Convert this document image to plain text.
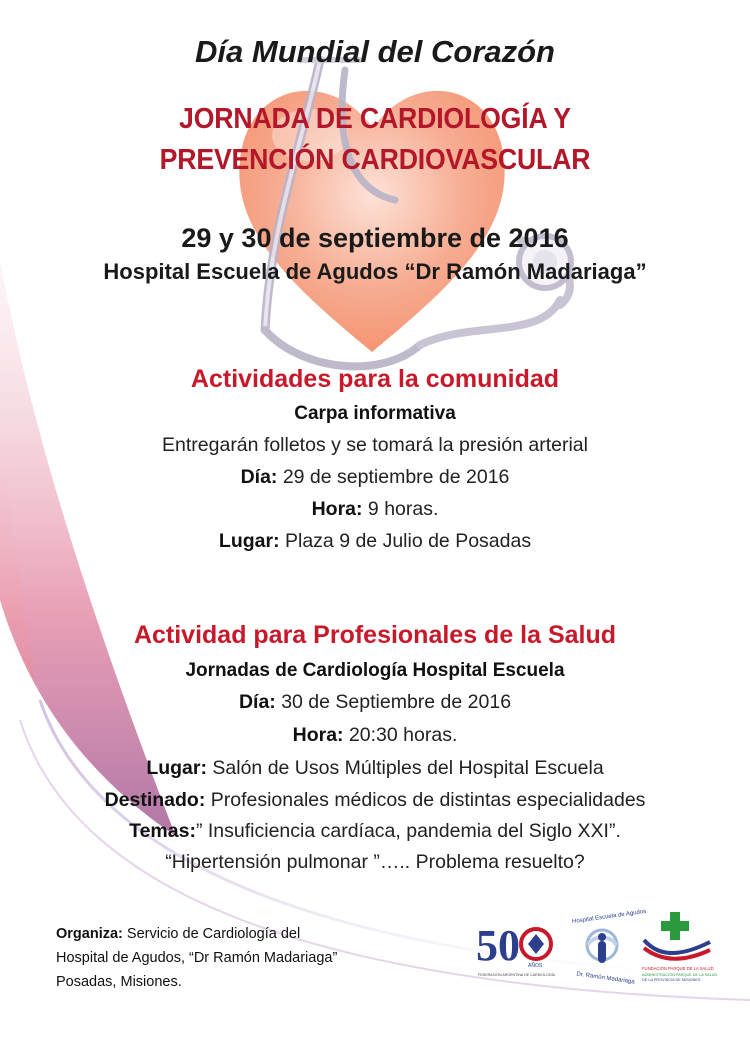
Día Mundial del Corazón
JORNADA DE CARDIOLOGÍA Y
PREVENCIÓN CARDIOVASCULAR
29 y 30 de septiembre de 2016
Hospital Escuela de Agudos “Dr Ramón Madariaga”
Actividades para la comunidad
Carpa informativa
Entregarán folletos y se tomará la presión arterial
Día: 29 de septiembre de 2016
Hora: 9 horas.
Lugar: Plaza 9 de Julio de Posadas
Actividad para Profesionales de la Salud
Jornadas de Cardiología Hospital Escuela
Día: 30 de Septiembre de 2016
Hora: 20:30 horas.
Lugar: Salón de Usos Múltiples del Hospital Escuela
Destinado: Profesionales médicos de distintas especialidades
Temas:” Insuficiencia cardíaca, pandemia del Siglo XXI”.
“Hipertensión pulmonar ”….. Problema resuelto?
Organiza: Servicio de Cardiología del
Hospital de Agudos, “Dr Ramón Madariaga”
Posadas, Misiones.
50 AÑOS
FEDERACIÓN ARGENTINA DE CARDIOLOGÍA
Hospital Escuela de Agudos
Dr. Ramón Madariaga
FUNDACIÓN PARQUE DE LA SALUD
ADMINISTRACIÓN PARQUE DE LA SALUD
DE LA PROVINCIA DE MISIONES
